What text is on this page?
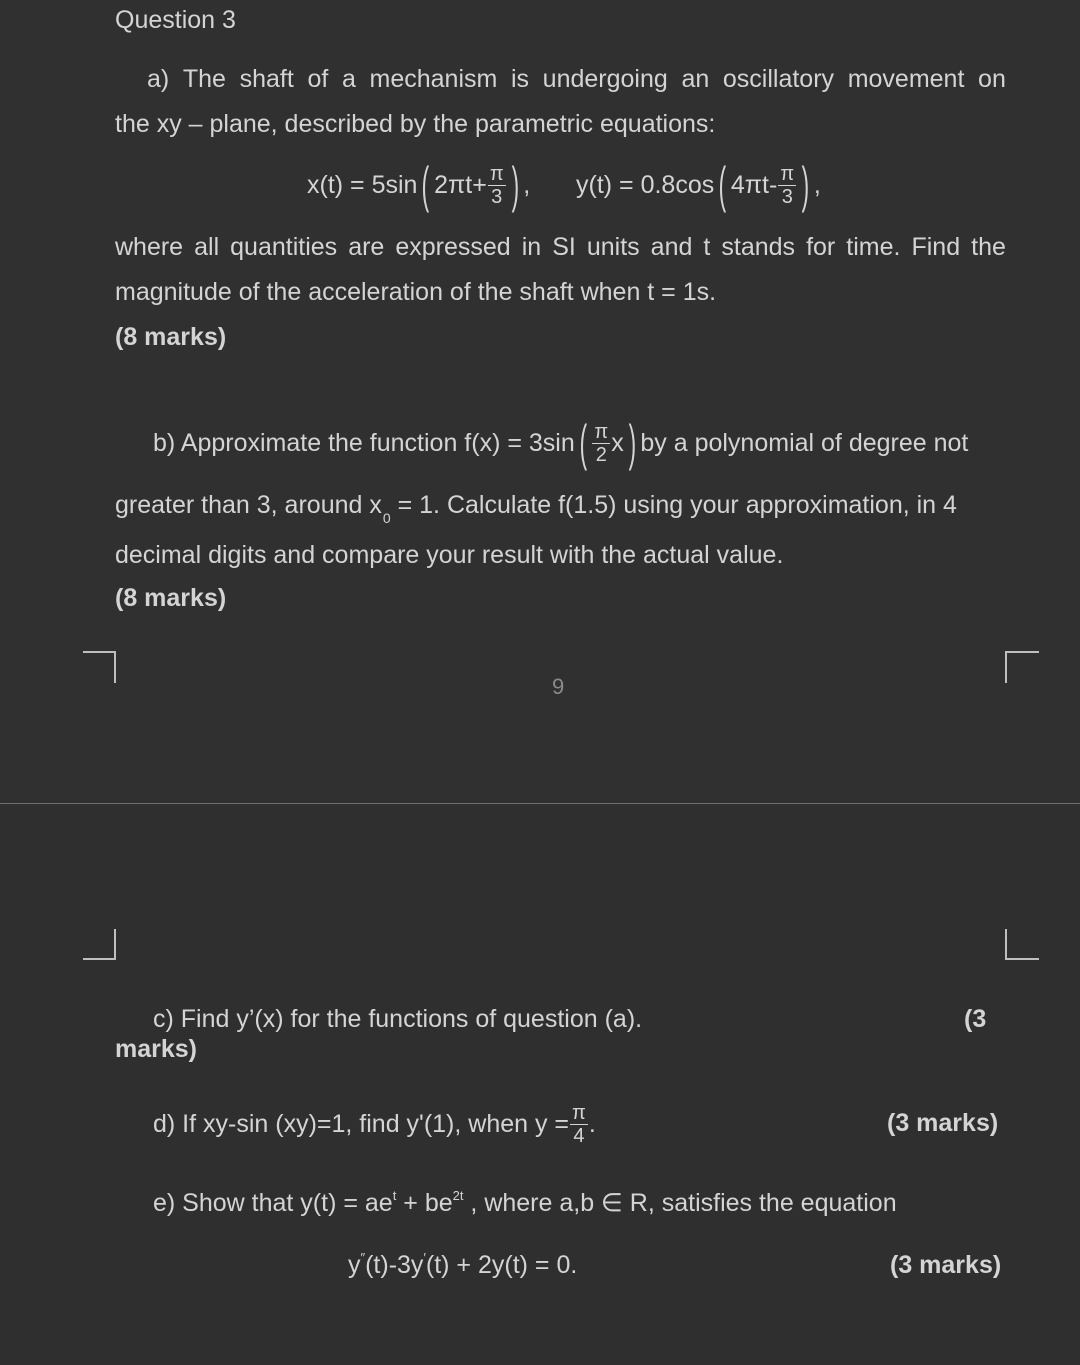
Question 3
a) The shaft of a mechanism is undergoing an oscillatory movement on
the xy – plane, described by the parametric equations:
x(t) = 5sin ( $2\pi t+ \frac{\pi}{3}$ ) , y(t) = 0.8cos ( $4\pi t- \frac{\pi}{3}$ ) ,
where all quantities are expressed in SI units and t stands for time. Find the
magnitude of the acceleration of the shaft when t = 1s.
(8 marks)
b) Approximate the function f(x) = 3sin ( $\frac{\pi}{2}$ x ) by a polynomial of degree not
greater than 3, around $x_0 = 1$. Calculate f(1.5) using your approximation, in 4
decimal digits and compare your result with the actual value.
(8 marks)
9
c) Find y’(x) for the functions of question (a).	(3
marks)
d) If xy-sin (xy)=1, find y'(1), when $y = \frac{\pi}{4}$ .	(3 marks)
e) Show that $y(t) = ae^t + be^{2t}$ , where a,b ∈ R, satisfies the equation
y″(t)-3y′(t) + 2y(t) = 0.	(3 marks)
